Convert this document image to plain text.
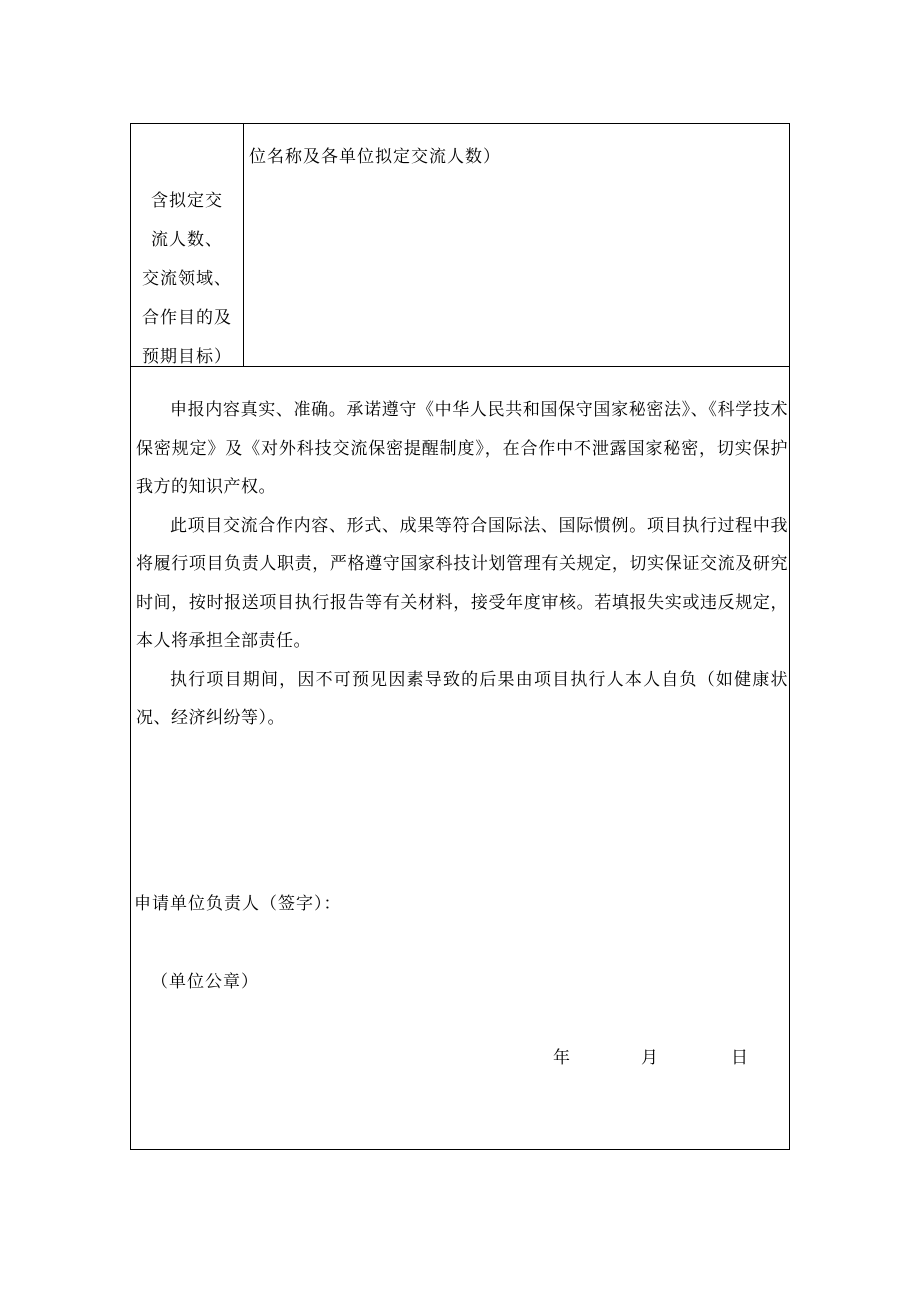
含拟定交
流人数、
交流领域、
合作目的及
预期目标）
位名称及各单位拟定交流人数）

申报内容真实、准确。承诺遵守《中华人民共和国保守国家秘密法》、《科学技术保密规定》及《对外科技交流保密提醒制度》，在合作中不泄露国家秘密，切实保护我方的知识产权。

此项目交流合作内容、形式、成果等符合国际法、国际惯例。项目执行过程中我将履行项目负责人职责，严格遵守国家科技计划管理有关规定，切实保证交流及研究时间，按时报送项目执行报告等有关材料，接受年度审核。若填报失实或违反规定，本人将承担全部责任。

执行项目期间，因不可预见因素导致的后果由项目执行人本人自负（如健康状况、经济纠纷等）。

申请单位负责人（签字）：
（单位公章）
年	月	日
